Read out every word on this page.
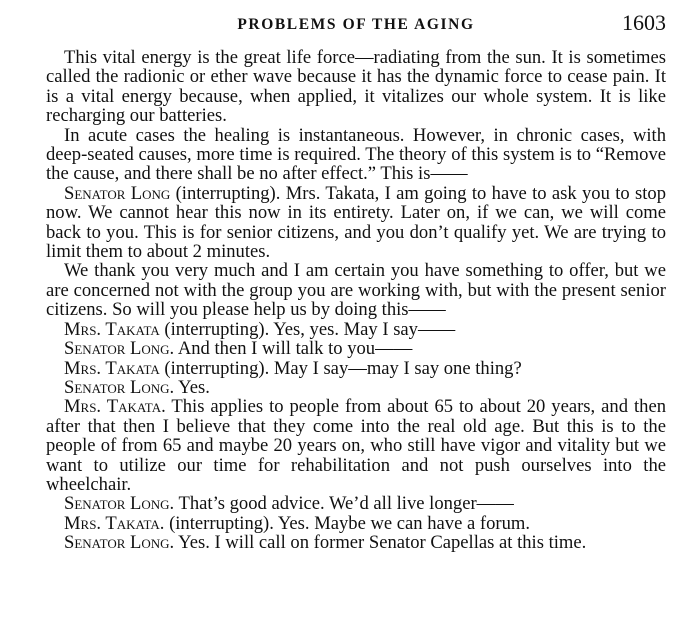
PROBLEMS OF THE AGING	1603

This vital energy is the great life force—radiating from the sun. It is sometimes called the radionic or ether wave because it has the dynamic force to cease pain. It is a vital energy because, when applied, it vitalizes our whole system. It is like recharging our batteries.

In acute cases the healing is instantaneous. However, in chronic cases, with deep-seated causes, more time is required. The theory of this system is to “Remove the cause, and there shall be no after effect.” This is——

Senator Long (interrupting). Mrs. Takata, I am going to have to ask you to stop now. We cannot hear this now in its entirety. Later on, if we can, we will come back to you. This is for senior citizens, and you don’t qualify yet. We are trying to limit them to about 2 minutes.

We thank you very much and I am certain you have something to offer, but we are concerned not with the group you are working with, but with the present senior citizens. So will you please help us by doing this——

Mrs. Takata (interrupting). Yes, yes. May I say——

Senator Long. And then I will talk to you——

Mrs. Takata (interrupting). May I say—may I say one thing?

Senator Long. Yes.

Mrs. Takata. This applies to people from about 65 to about 20 years, and then after that then I believe that they come into the real old age. But this is to the people of from 65 and maybe 20 years on, who still have vigor and vitality but we want to utilize our time for rehabilitation and not push ourselves into the wheelchair.

Senator Long. That’s good advice. We’d all live longer——

Mrs. Takata. (interrupting). Yes. Maybe we can have a forum.

Senator Long. Yes. I will call on former Senator Capellas at this time.
